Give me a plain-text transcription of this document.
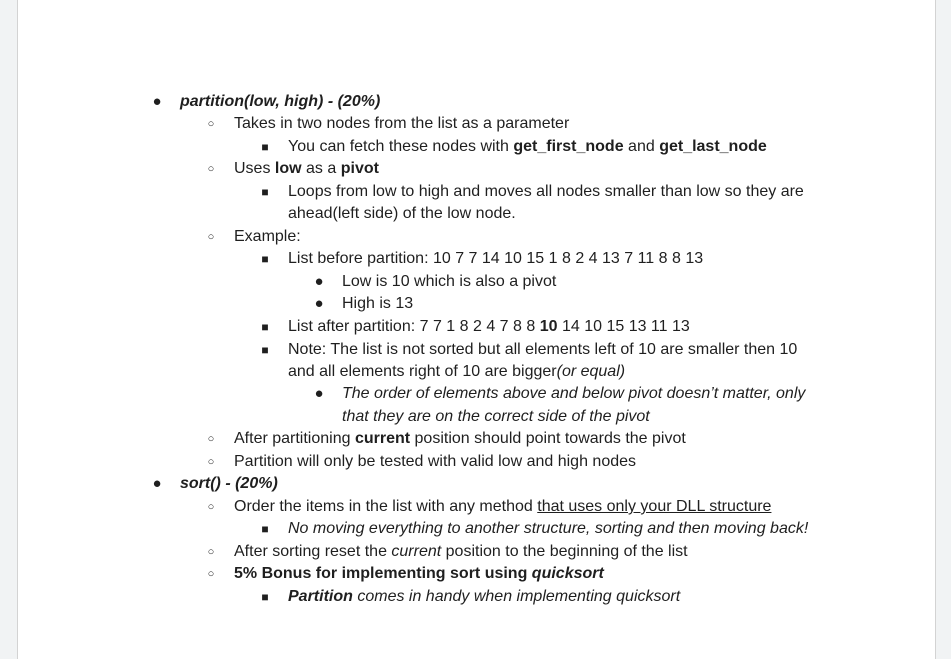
● partition(low, high) - (20%)
○ Takes in two nodes from the list as a parameter
■ You can fetch these nodes with get_first_node and get_last_node
○ Uses low as a pivot
■ Loops from low to high and moves all nodes smaller than low so they are
ahead(left side) of the low node.
○ Example:
■ List before partition: 10 7 7 14 10 15 1 8 2 4 13 7 11 8 8 13
● Low is 10 which is also a pivot
● High is 13
■ List after partition: 7 7 1 8 2 4 7 8 8 10 14 10 15 13 11 13
■ Note: The list is not sorted but all elements left of 10 are smaller then 10
and all elements right of 10 are bigger(or equal)
● The order of elements above and below pivot doesn’t matter, only
that they are on the correct side of the pivot
○ After partitioning current position should point towards the pivot
○ Partition will only be tested with valid low and high nodes
● sort() - (20%)
○ Order the items in the list with any method that uses only your DLL structure
■ No moving everything to another structure, sorting and then moving back!
○ After sorting reset the current position to the beginning of the list
○ 5% Bonus for implementing sort using quicksort
■ Partition comes in handy when implementing quicksort
